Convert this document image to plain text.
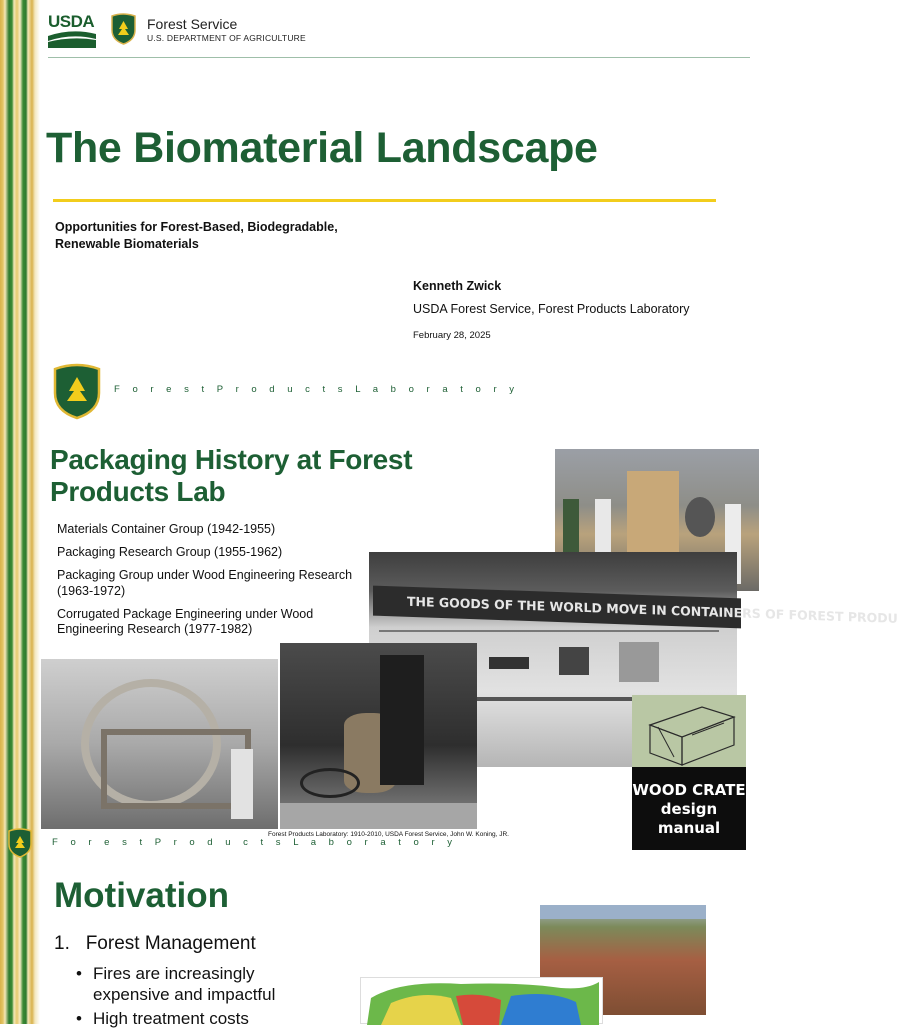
USDA	Forest Service
U.S. DEPARTMENT OF AGRICULTURE
The Biomaterial Landscape
Opportunities for Forest-Based, Biodegradable, Renewable Biomaterials
Kenneth Zwick
USDA Forest Service, Forest Products Laboratory
February 28, 2025
F o r e s t P r o d u c t s L a b o r a t o r y
Packaging History at Forest Products Lab
Materials Container Group (1942-1955)
Packaging Research Group (1955-1962)
Packaging Group under Wood Engineering Research (1963-1972)
Corrugated Package Engineering under Wood Engineering Research (1977-1982)
THE GOODS OF THE WORLD MOVE IN CONTAINERS OF FOREST PRODU
WOOD CRATE design manual
Forest Products Laboratory: 1910-2010, USDA Forest Service, John W. Koning, JR.
F o r e s t P r o d u c t s L a b o r a t o r y
Motivation
1. Forest Management
• Fires are increasingly expensive and impactful
• High treatment costs
